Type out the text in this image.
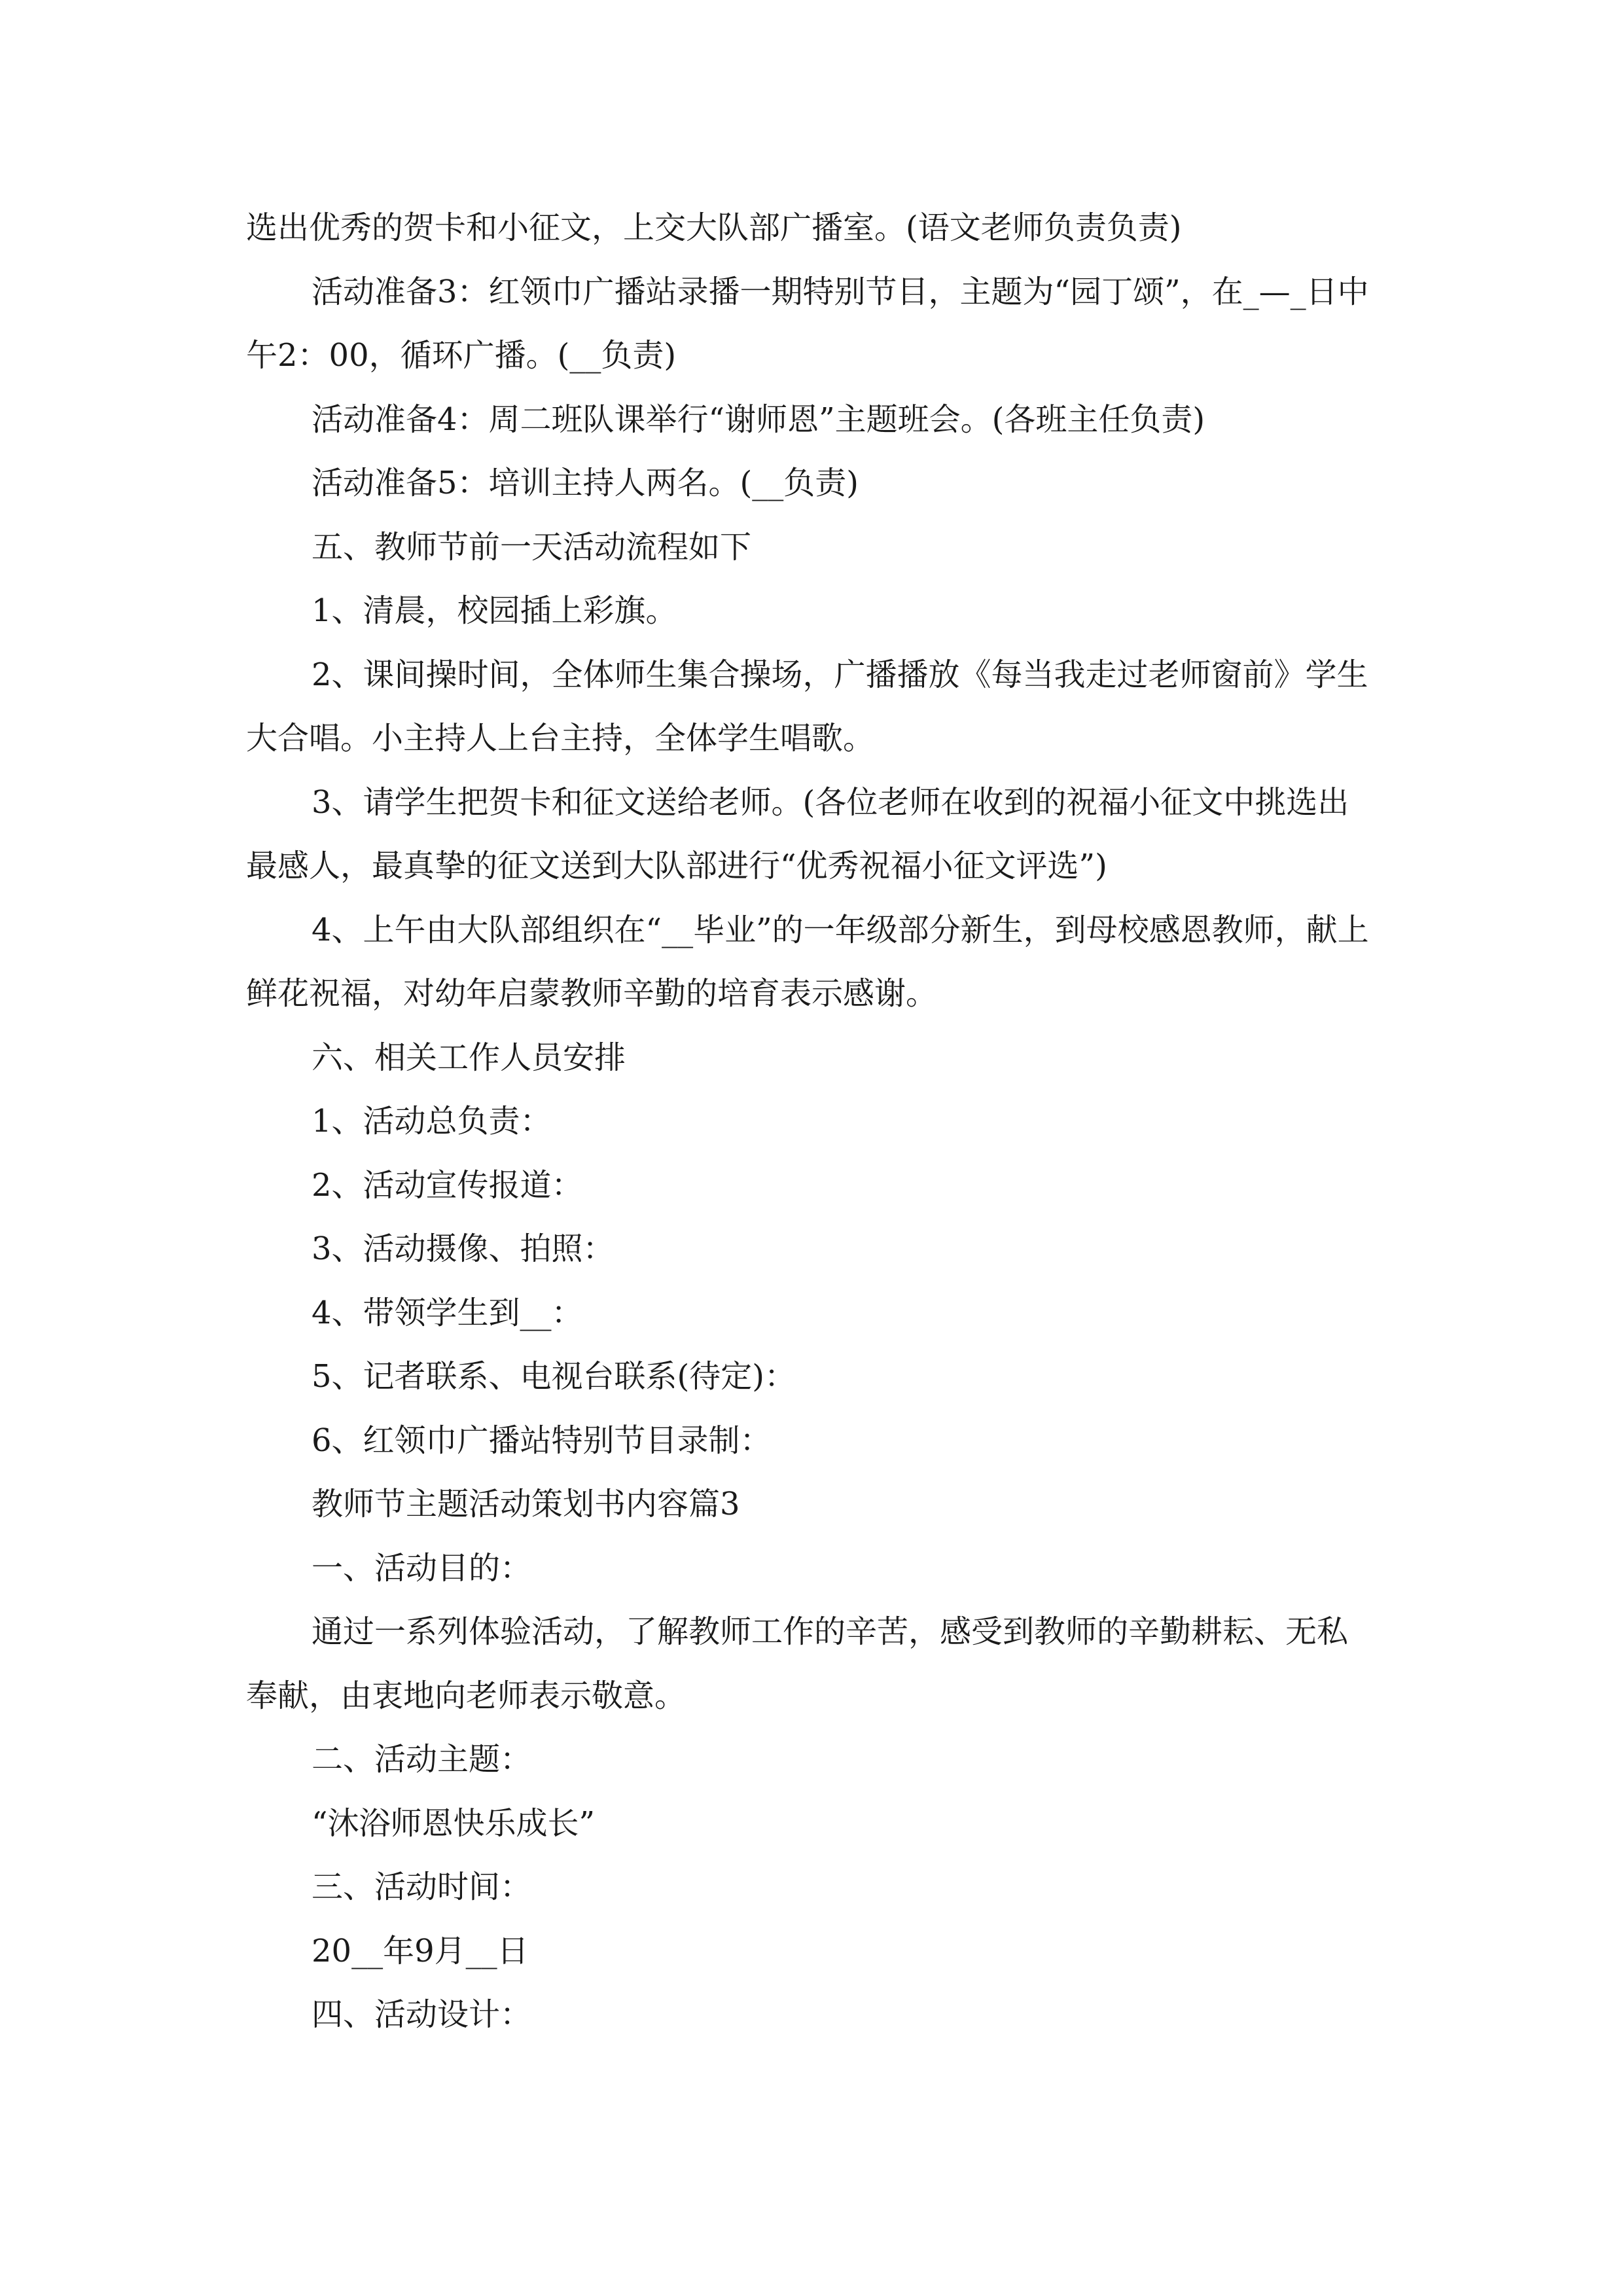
选出优秀的贺卡和小征文，上交大队部广播室。(语文老师负责负责)

活动准备3：红领巾广播站录播一期特别节目，主题为“园丁颂”，在_—_日中午2：00，循环广播。(__负责)

活动准备4：周二班队课举行“谢师恩”主题班会。(各班主任负责)

活动准备5：培训主持人两名。(__负责)

五、教师节前一天活动流程如下

1、清晨，校园插上彩旗。

2、课间操时间，全体师生集合操场，广播播放《每当我走过老师窗前》学生大合唱。小主持人上台主持，全体学生唱歌。

3、请学生把贺卡和征文送给老师。(各位老师在收到的祝福小征文中挑选出最感人，最真挚的征文送到大队部进行“优秀祝福小征文评选”)

4、上午由大队部组织在“__毕业”的一年级部分新生，到母校感恩教师，献上鲜花祝福，对幼年启蒙教师辛勤的培育表示感谢。

六、相关工作人员安排

1、活动总负责：

2、活动宣传报道：

3、活动摄像、拍照：

4、带领学生到__：

5、记者联系、电视台联系(待定)：

6、红领巾广播站特别节目录制：

教师节主题活动策划书内容篇3

一、活动目的：

通过一系列体验活动，了解教师工作的辛苦，感受到教师的辛勤耕耘、无私奉献，由衷地向老师表示敬意。

二、活动主题：

“沐浴师恩快乐成长”

三、活动时间：

20__年9月__日

四、活动设计：
